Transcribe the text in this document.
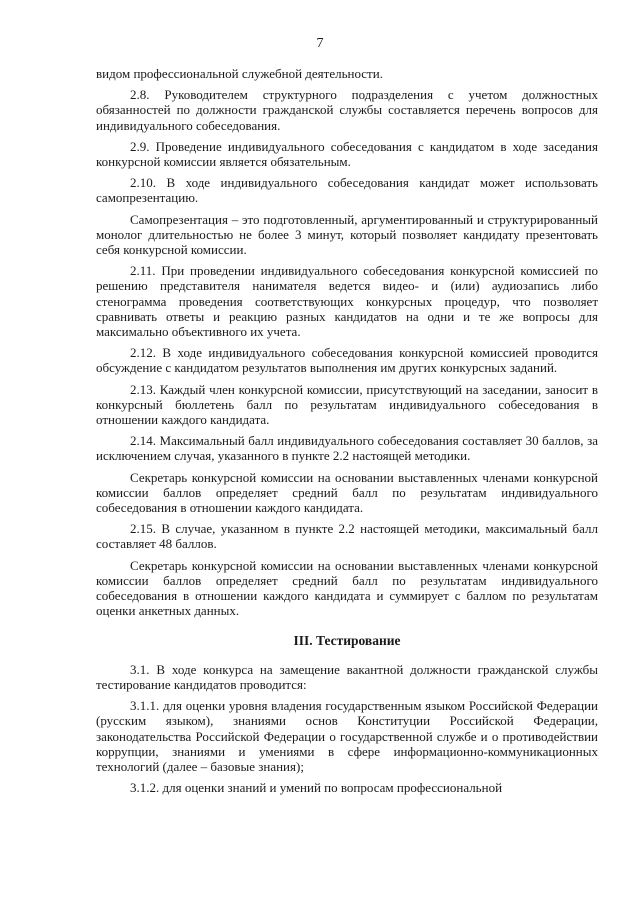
7

видом профессиональной служебной деятельности.

2.8. Руководителем структурного подразделения с учетом должностных обязанностей по должности гражданской службы составляется перечень вопросов для индивидуального собеседования.

2.9. Проведение индивидуального собеседования с кандидатом в ходе заседания конкурсной комиссии является обязательным.

2.10. В ходе индивидуального собеседования кандидат может использовать самопрезентацию.

Самопрезентация – это подготовленный, аргументированный и структурированный монолог длительностью не более 3 минут, который позволяет кандидату презентовать себя конкурсной комиссии.

2.11. При проведении индивидуального собеседования конкурсной комиссией по решению представителя нанимателя ведется видео- и (или) аудиозапись либо стенограмма проведения соответствующих конкурсных процедур, что позволяет сравнивать ответы и реакцию разных кандидатов на одни и те же вопросы для максимально объективного их учета.

2.12. В ходе индивидуального собеседования конкурсной комиссией проводится обсуждение с кандидатом результатов выполнения им других конкурсных заданий.

2.13. Каждый член конкурсной комиссии, присутствующий на заседании, заносит в конкурсный бюллетень балл по результатам индивидуального собеседования в отношении каждого кандидата.

2.14. Максимальный балл индивидуального собеседования составляет 30 баллов, за исключением случая, указанного в пункте 2.2 настоящей методики.

Секретарь конкурсной комиссии на основании выставленных членами конкурсной комиссии баллов определяет средний балл по результатам индивидуального собеседования в отношении каждого кандидата.

2.15. В случае, указанном в пункте 2.2 настоящей методики, максимальный балл составляет 48 баллов.

Секретарь конкурсной комиссии на основании выставленных членами конкурсной комиссии баллов определяет средний балл по результатам индивидуального собеседования в отношении каждого кандидата и суммирует с баллом по результатам оценки анкетных данных.

III. Тестирование

3.1. В ходе конкурса на замещение вакантной должности гражданской службы тестирование кандидатов проводится:

3.1.1. для оценки уровня владения государственным языком Российской Федерации (русским языком), знаниями основ Конституции Российской Федерации, законодательства Российской Федерации о государственной службе и о противодействии коррупции, знаниями и умениями в сфере информационно-коммуникационных технологий (далее – базовые знания);

3.1.2. для оценки знаний и умений по вопросам профессиональной
